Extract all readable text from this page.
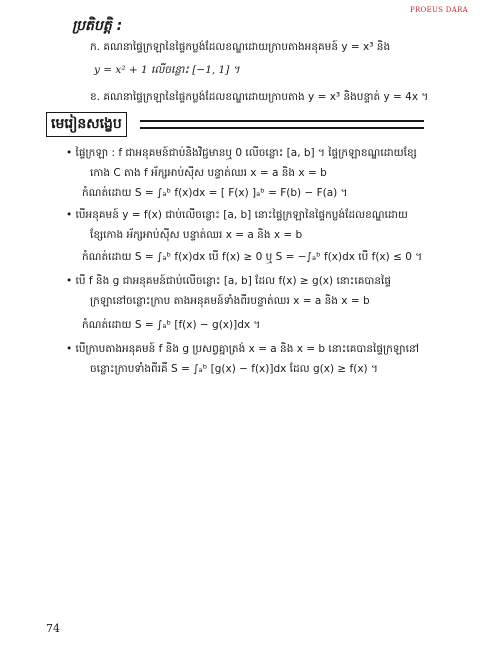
PROEUS DARA
ប្រតិបត្តិ :
ក. គណនាផ្ទៃក្រឡានៃផ្ទៃកប្លង់ដែលខណ្ឌដោយក្រាបតាងអនុគមន៍ y = x³ និង
y = x² + 1 លើចន្លោះ [−1, 1] ។
ខ. គណនាផ្ទៃក្រឡានៃផ្ទៃកប្លង់ដែលខណ្ឌដោយក្រាបតាង y = x³ និងបន្ទាត់ y = 4x ។
មេរៀនសង្ខេប
• ផ្ទៃក្រឡា : f ជាអនុគមន៍ជាប់និងវិជ្ជមានឬ 0 លើចន្លោះ [a, b] ។ ផ្ទៃក្រឡាខណ្ឌដោយខ្សែ
កោង C តាង f អ័ក្សអាប់ស៊ីស បន្ទាត់ឈរ x = a និង x = b
កំណត់ដោយ S = ∫ₐᵇ f(x)dx = [ F(x) ]ₐᵇ = F(b) − F(a) ។
• បើអនុគមន៍ y = f(x) ជាប់លើចន្លោះ [a, b] នោះផ្ទៃក្រឡានៃផ្ទៃកប្លង់ដែលខណ្ឌដោយ
ខ្សែកោង អ័ក្សអាប់ស៊ីស បន្ទាត់ឈរ x = a និង x = b
កំណត់ដោយ S = ∫ₐᵇ f(x)dx បើ f(x) ≥ 0 ឬ S = −∫ₐᵇ f(x)dx បើ f(x) ≤ 0 ។
• បើ f និង g ជាអនុគមន៍ជាប់លើចន្លោះ [a, b] ដែល f(x) ≥ g(x) នោះគេបានផ្ទៃ
ក្រឡានៅចន្លោះក្រាប តាងអនុគមន៍ទាំងពីរបន្ទាត់ឈរ x = a និង x = b
កំណត់ដោយ S = ∫ₐᵇ [f(x) − g(x)]dx ។
• បើក្រាបតាងអនុគមន៍ f និង g ប្រសព្វគ្នាត្រង់ x = a និង x = b នោះគេបានផ្ទៃក្រឡានៅ
ចន្លោះក្រាបទាំងពីរគឺ S = ∫ₐᵇ [g(x) − f(x)]dx ដែល g(x) ≥ f(x) ។
74
